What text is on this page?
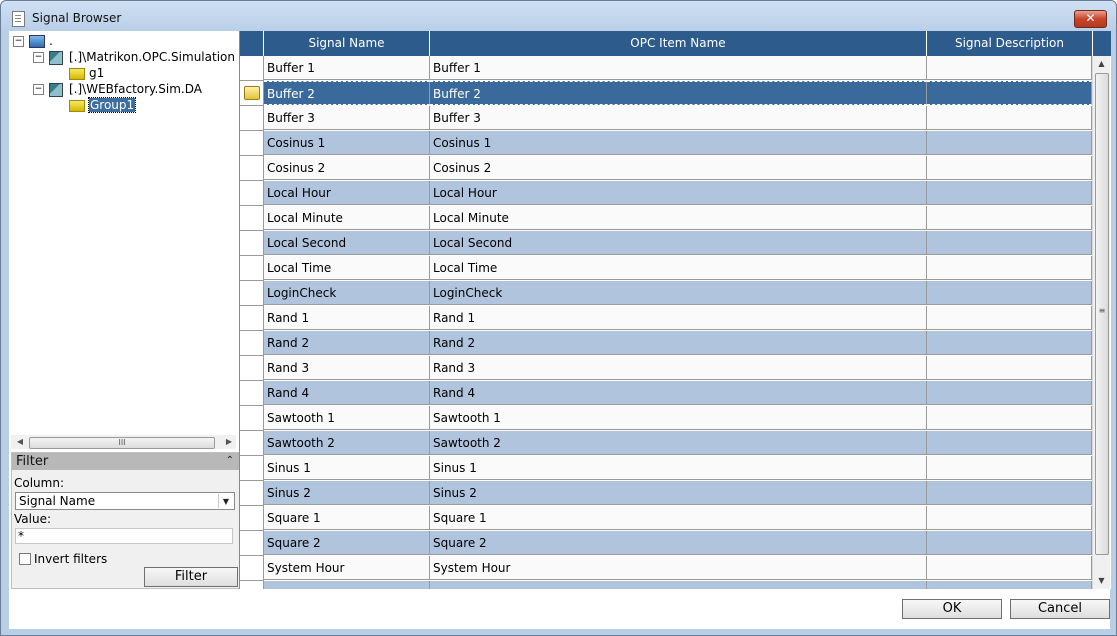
Signal Browser	✕
− .
− [.]\Matrikon.OPC.Simulation
g1
− [.]\WEBfactory.Sim.DA
Group1
◀	III	▶
Filter	⌃
Column:
Signal Name	▼
Value:
*
Invert filters
Filter
Signal Name	OPC Item Name	Signal Description
Buffer 1	Buffer 1
Buffer 2	Buffer 2
Buffer 3	Buffer 3
Cosinus 1	Cosinus 1
Cosinus 2	Cosinus 2
Local Hour	Local Hour
Local Minute	Local Minute
Local Second	Local Second
Local Time	Local Time
LoginCheck	LoginCheck
Rand 1	Rand 1
Rand 2	Rand 2
Rand 3	Rand 3
Rand 4	Rand 4
Sawtooth 1	Sawtooth 1
Sawtooth 2	Sawtooth 2
Sinus 1	Sinus 1
Sinus 2	Sinus 2
Square 1	Square 1
Square 2	Square 2
System Hour	System Hour
▲
≡
▼
OK	Cancel
